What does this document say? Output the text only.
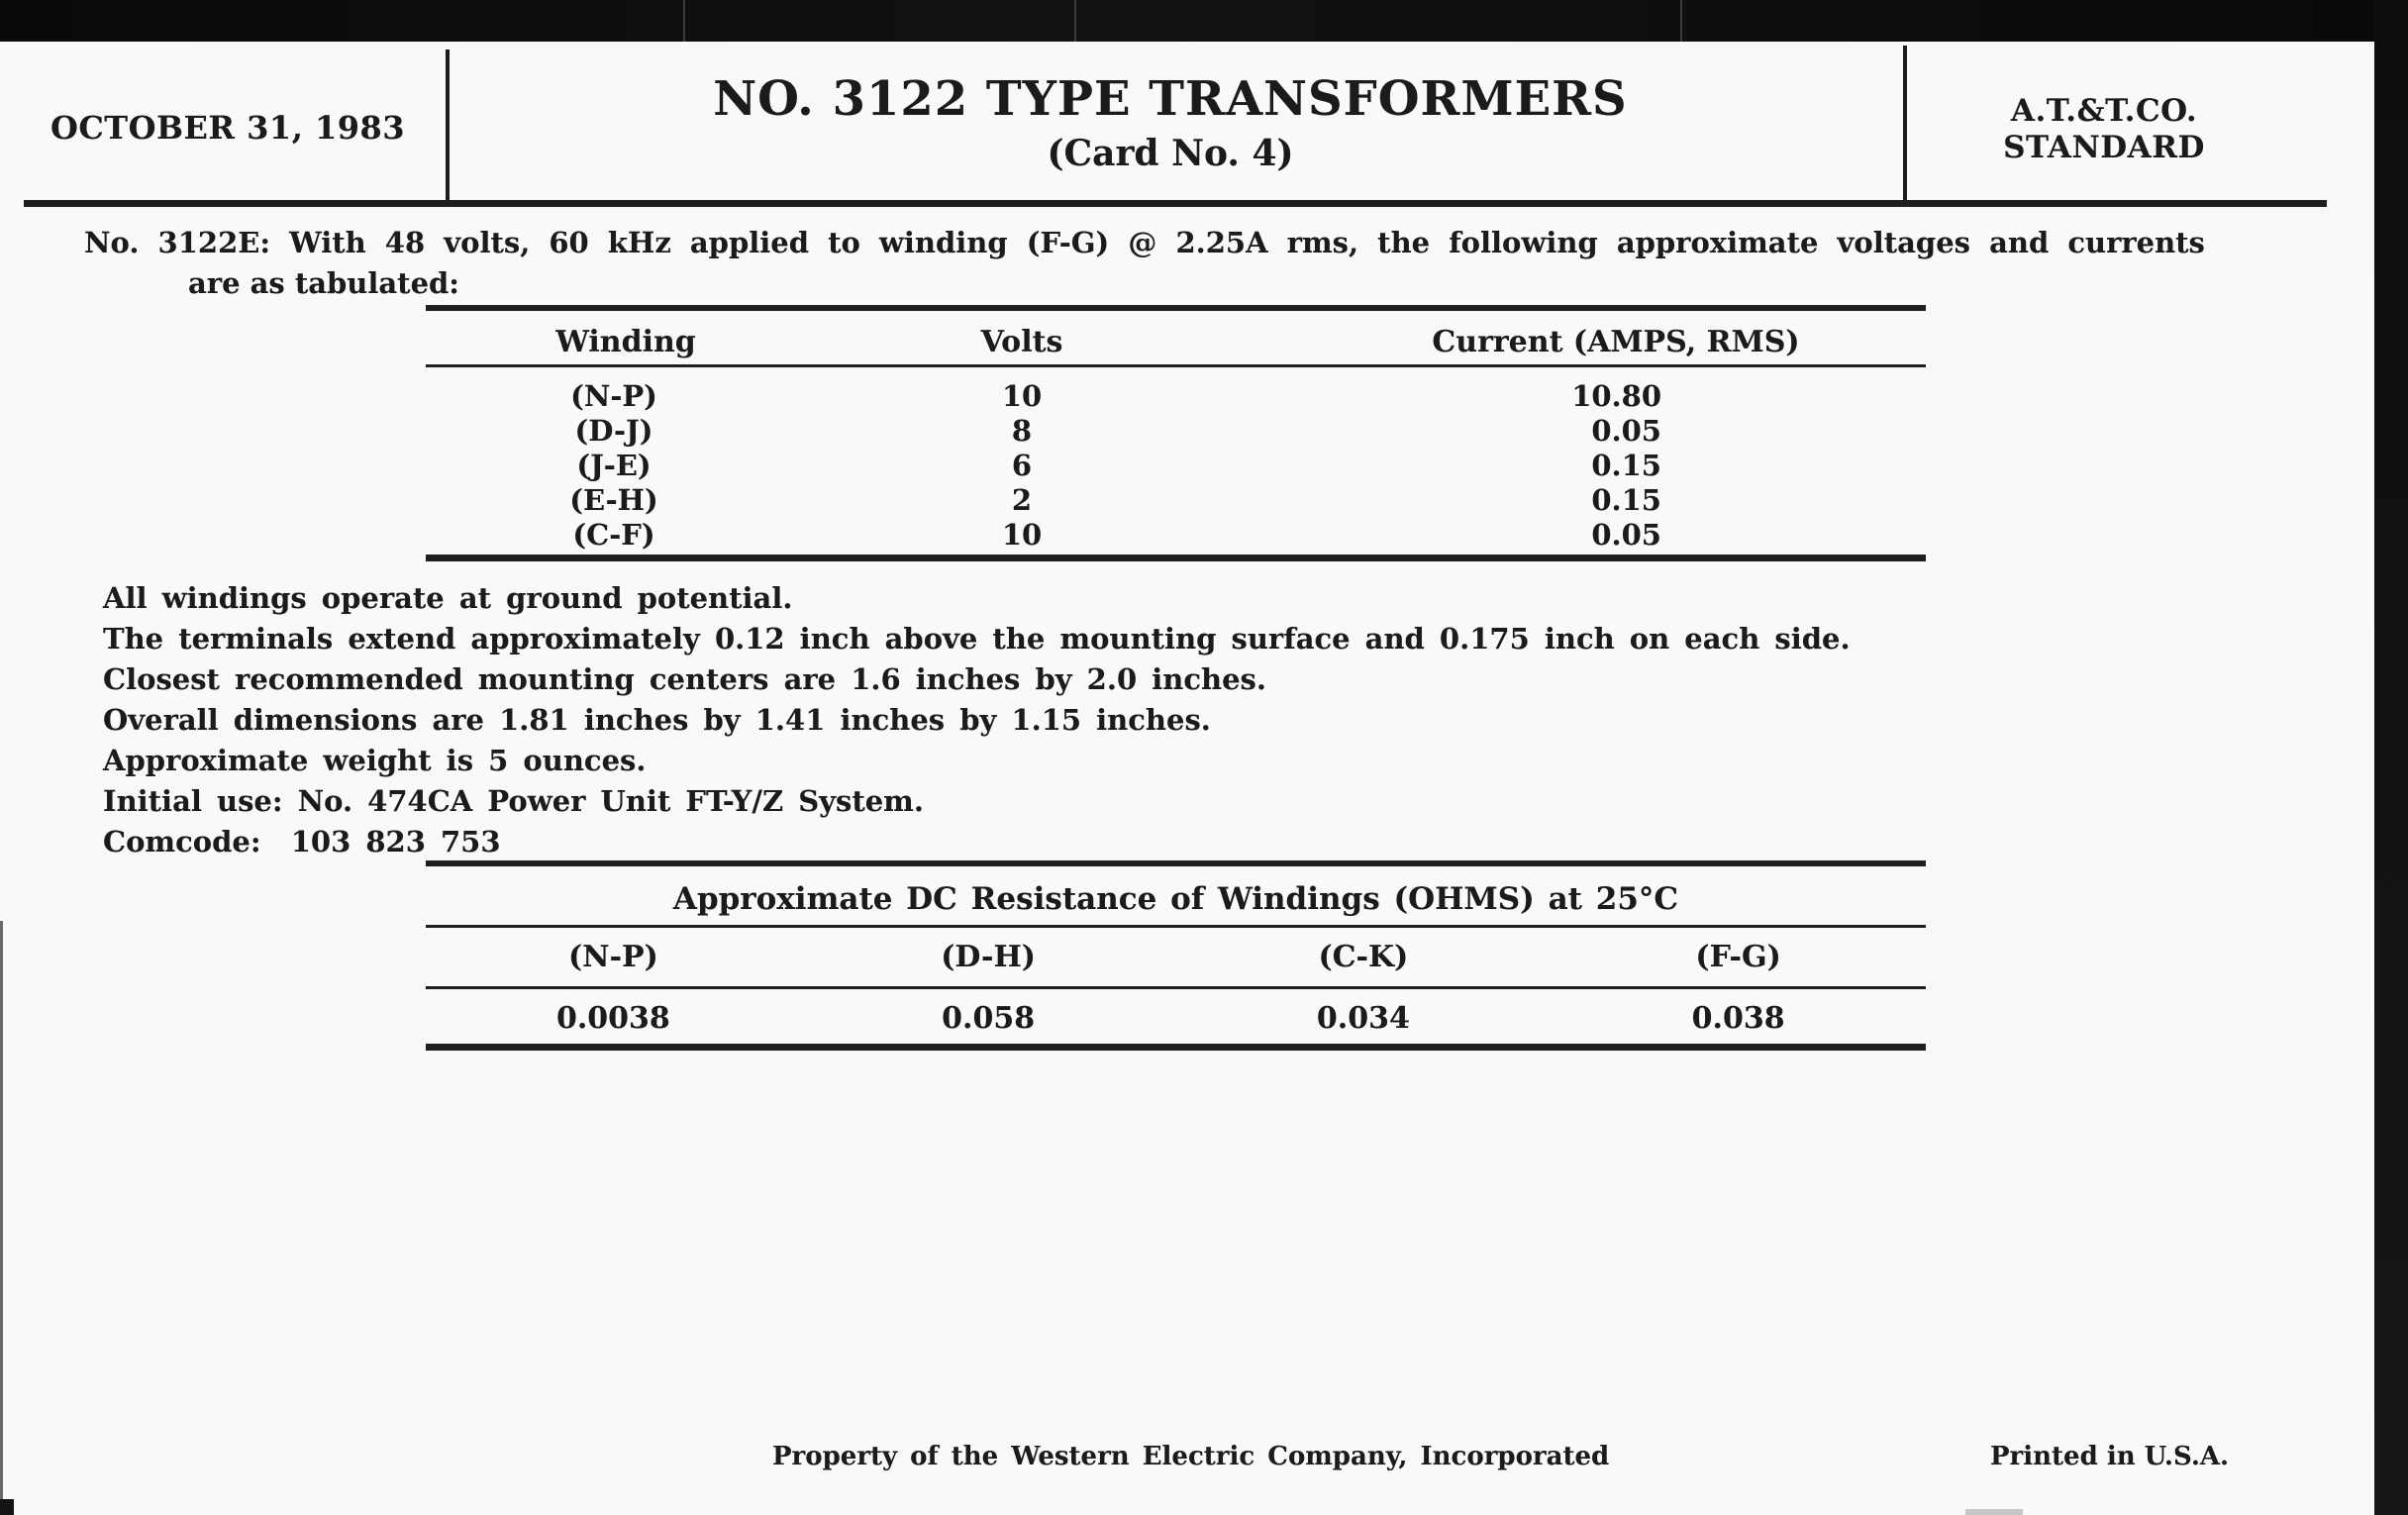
OCTOBER 31, 1983
NO. 3122 TYPE TRANSFORMERS
(Card No. 4)
A.T.&T.CO.
STANDARD
No. 3122E: With 48 volts, 60 kHz applied to winding (F-G) @ 2.25A rms, the following approximate voltages and currents
are as tabulated:
Winding	Volts	Current (AMPS, RMS)
(N-P)	10	10.80
(D-J)	8	0.05
(J-E)	6	0.15
(E-H)	2	0.15
(C-F)	10	0.05
All windings operate at ground potential.
The terminals extend approximately 0.12 inch above the mounting surface and 0.175 inch on each side.
Closest recommended mounting centers are 1.6 inches by 2.0 inches.
Overall dimensions are 1.81 inches by 1.41 inches by 1.15 inches.
Approximate weight is 5 ounces.
Initial use: No. 474CA Power Unit FT-Y/Z System.
Comcode:  103 823 753
Approximate DC Resistance of Windings (OHMS) at 25°C
(N-P)	(D-H)	(C-K)	(F-G)
0.0038	0.058	0.034	0.038
Property of the Western Electric Company, Incorporated	Printed in U.S.A.
